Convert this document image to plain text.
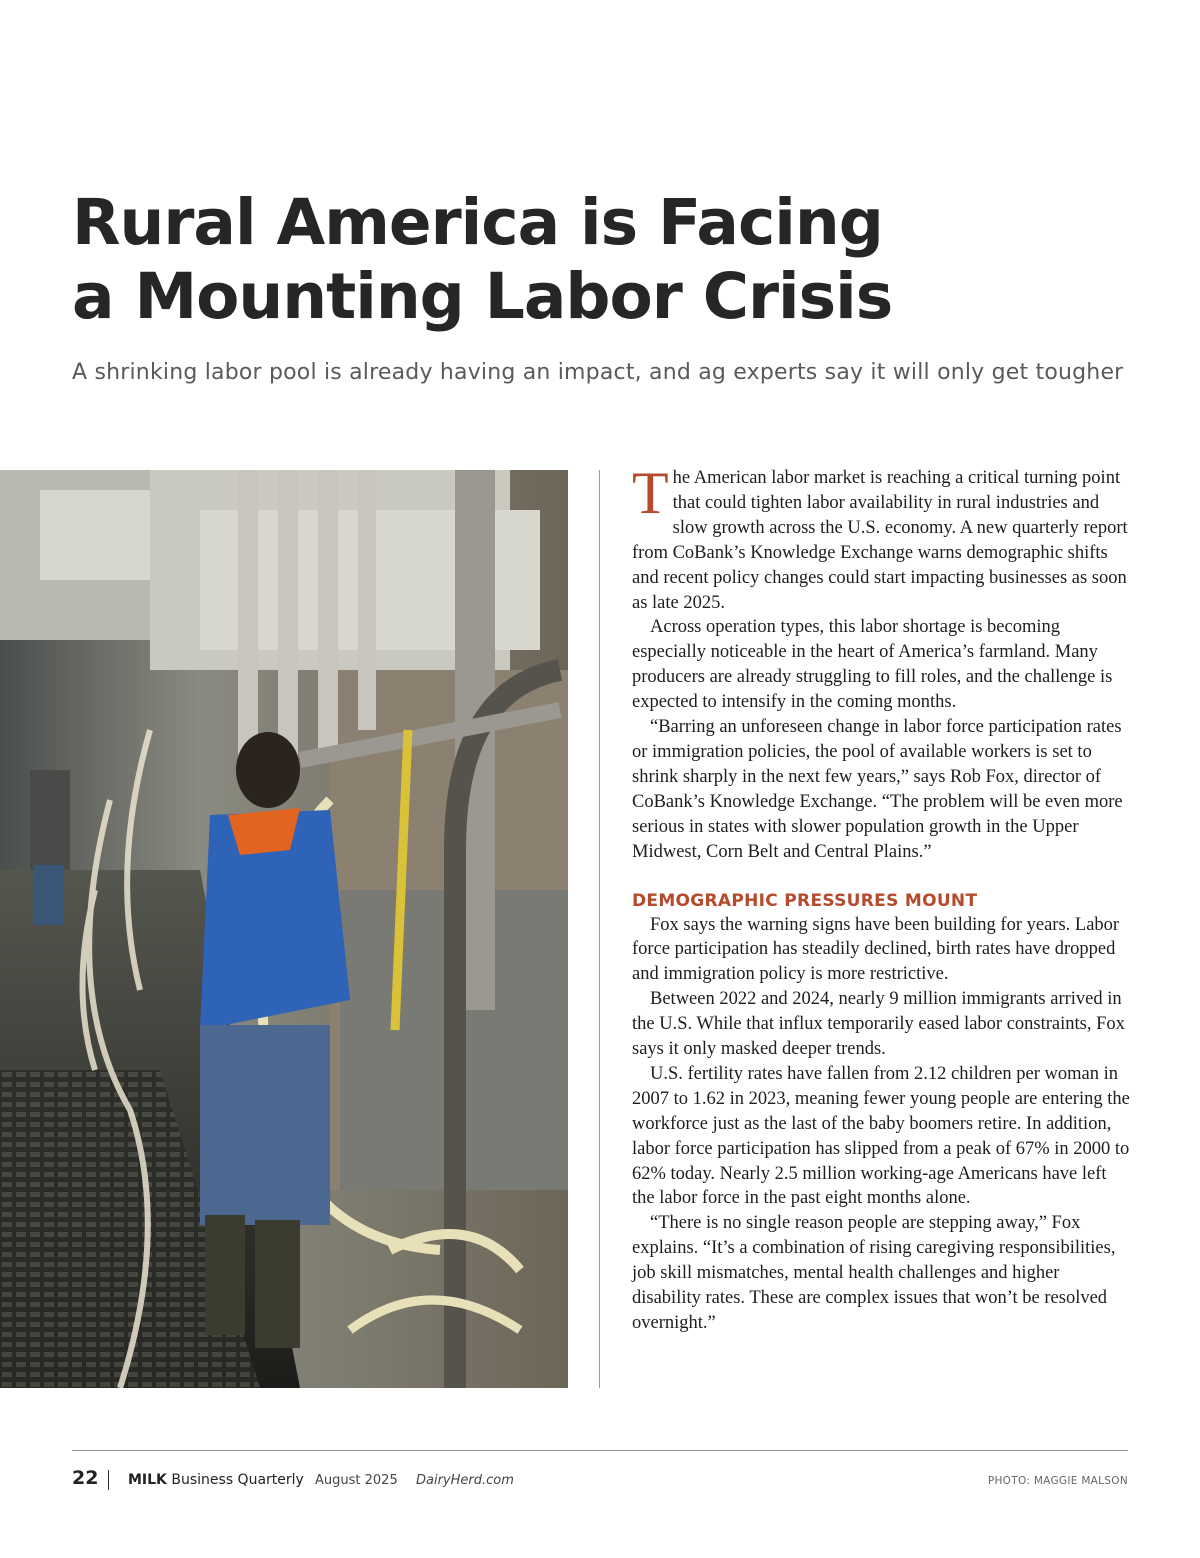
Rural America is Facing
a Mounting Labor Crisis
A shrinking labor pool is already having an impact, and ag experts say it will only get tougher

The American labor market is reaching a critical turning point that could tighten labor availability in rural industries and slow growth across the U.S. economy. A new quarterly report from CoBank’s Knowledge Exchange warns demographic shifts and recent policy changes could start impacting businesses as soon as late 2025.

Across operation types, this labor shortage is becoming especially noticeable in the heart of America’s farmland. Many producers are already struggling to fill roles, and the challenge is expected to intensify in the coming months.

“Barring an unforeseen change in labor force participation rates or immigration policies, the pool of available workers is set to shrink sharply in the next few years,” says Rob Fox, director of CoBank’s Knowledge Exchange. “The problem will be even more serious in states with slower population growth in the Upper Midwest, Corn Belt and Central Plains.”

DEMOGRAPHIC PRESSURES MOUNT

Fox says the warning signs have been building for years. Labor force participation has steadily declined, birth rates have dropped and immigration policy is more restrictive.

Between 2022 and 2024, nearly 9 million immigrants arrived in the U.S. While that influx temporarily eased labor constraints, Fox says it only masked deeper trends.

U.S. fertility rates have fallen from 2.12 children per woman in 2007 to 1.62 in 2023, meaning fewer young people are entering the workforce just as the last of the baby boomers retire. In addition, labor force participation has slipped from a peak of 67% in 2000 to 62% today. Nearly 2.5 million working-age Americans have left the labor force in the past eight months alone.

“There is no single reason people are stepping away,” Fox explains. “It’s a combination of rising caregiving responsibilities, job skill mismatches, mental health challenges and higher disability rates. These are complex issues that won’t be resolved overnight.”

22 MILK Business Quarterly August 2025 DairyHerd.com	PHOTO: MAGGIE MALSON
